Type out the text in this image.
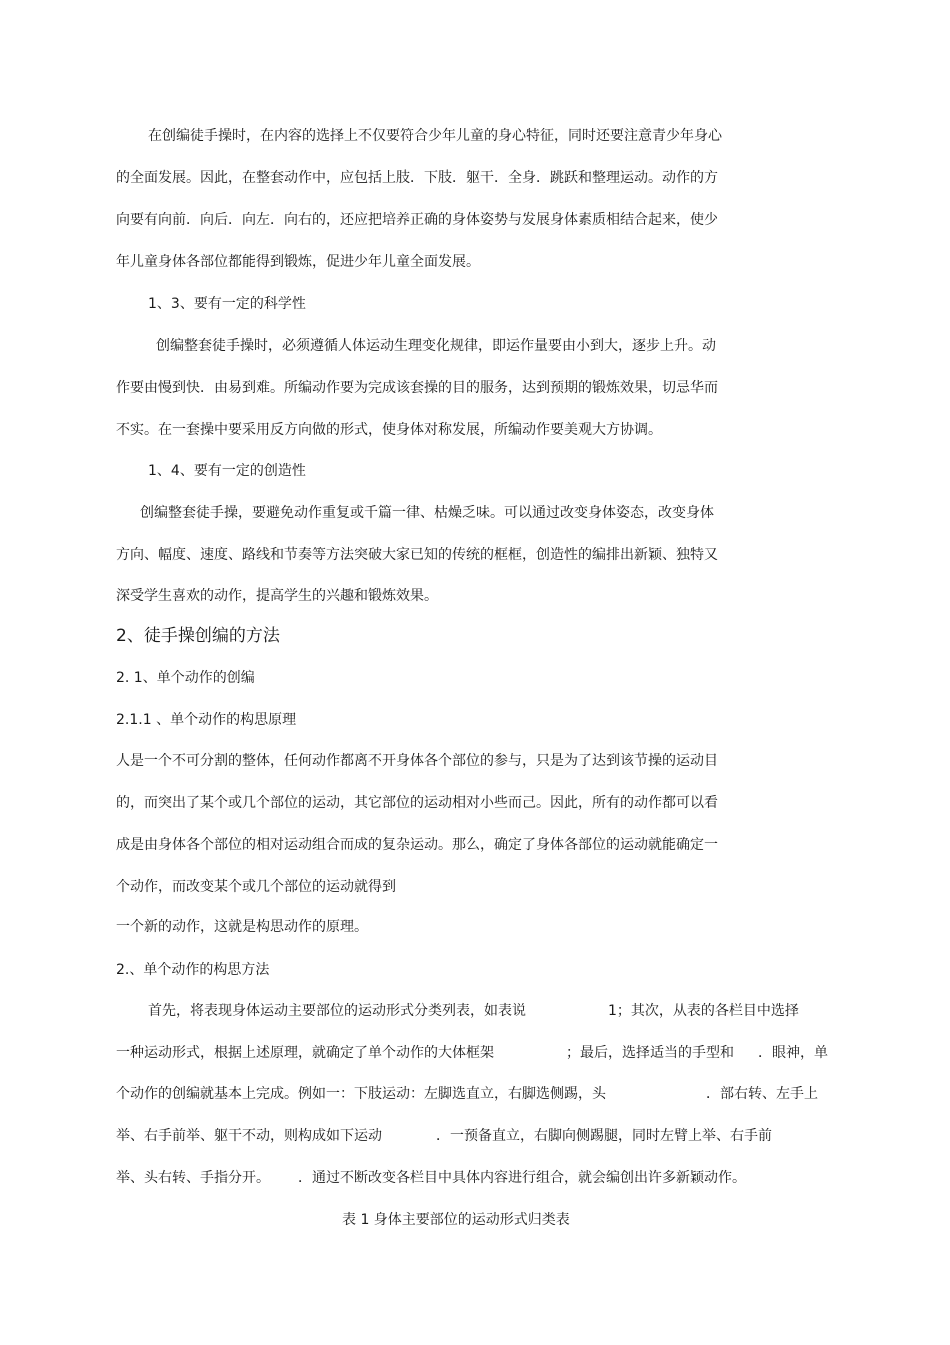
在创编徒手操时，在内容的选择上不仅要符合少年儿童的身心特征，同时还要注意青少年身心
的全面发展。因此，在整套动作中，应包括上肢．下肢．躯干．全身．跳跃和整理运动。动作的方
向要有向前．向后．向左．向右的，还应把培养正确的身体姿势与发展身体素质相结合起来，使少
年儿童身体各部位都能得到锻炼，促进少年儿童全面发展。
1、3、要有一定的科学性
创编整套徒手操时，必须遵循人体运动生理变化规律，即运作量要由小到大，逐步上升。动
作要由慢到快．由易到难。所编动作要为完成该套操的目的服务，达到预期的锻炼效果，切忌华而
不实。在一套操中要采用反方向做的形式，使身体对称发展，所编动作要美观大方协调。
1、4、要有一定的创造性
创编整套徒手操，要避免动作重复或千篇一律、枯燥乏味。可以通过改变身体姿态，改变身体
方向、幅度、速度、路线和节奏等方法突破大家已知的传统的框框，创造性的编排出新颖、独特又
深受学生喜欢的动作，提高学生的兴趣和锻炼效果。
2、徒手操创编的方法
2. 1、单个动作的创编
2.1.1 、单个动作的构思原理
人是一个不可分割的整体，任何动作都离不开身体各个部位的参与，只是为了达到该节操的运动目
的，而突出了某个或几个部位的运动，其它部位的运动相对小些而己。因此，所有的动作都可以看
成是由身体各个部位的相对运动组合而成的复杂运动。那么，确定了身体各部位的运动就能确定一
个动作，而改变某个或几个部位的运动就得到
一个新的动作，这就是构思动作的原理。
2.、单个动作的构思方法
首先，将表现身体运动主要部位的运动形式分类列表，如表说	1；其次，从表的各栏目中选择
一种运动形式，根据上述原理，就确定了单个动作的大体框架	；最后，选择适当的手型和 ．眼神，单
个动作的创编就基本上完成。例如一：下肢运动：左脚选直立，右脚选侧踢，头	．部右转、左手上
举、右手前举、躯干不动，则构成如下运动	．一预备直立，右脚向侧踢腿，同时左臂上举、右手前
举、头右转、手指分开。 ．通过不断改变各栏目中具体内容进行组合，就会编创出许多新颖动作。
表 1 身体主要部位的运动形式归类表
